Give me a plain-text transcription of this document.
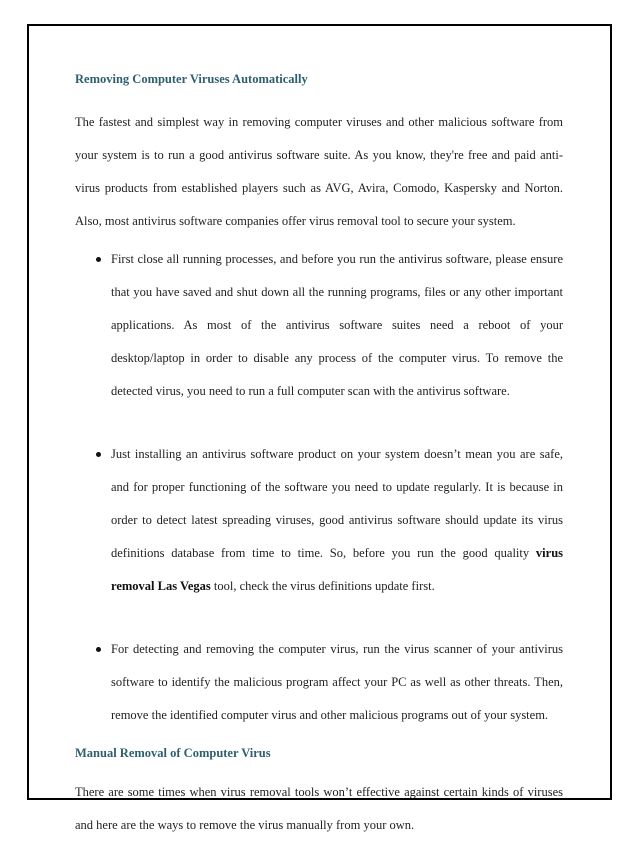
Removing Computer Viruses Automatically

The fastest and simplest way in removing computer viruses and other malicious software from
your system is to run a good antivirus software suite. As you know, they're free and paid anti-
virus products from established players such as AVG, Avira, Comodo, Kaspersky and Norton.
Also, most antivirus software companies offer virus removal tool to secure your system.
First close all running processes, and before you run the antivirus software, please ensure
that you have saved and shut down all the running programs, files or any other important
applications. As most of the antivirus software suites need a reboot of your
desktop/laptop in order to disable any process of the computer virus. To remove the
detected virus, you need to run a full computer scan with the antivirus software.
Just installing an antivirus software product on your system doesn’t mean you are safe,
and for proper functioning of the software you need to update regularly. It is because in
order to detect latest spreading viruses, good antivirus software should update its virus
definitions database from time to time. So, before you run the good quality virus
removal Las Vegas tool, check the virus definitions update first.
For detecting and removing the computer virus, run the virus scanner of your antivirus
software to identify the malicious program affect your PC as well as other threats. Then,
remove the identified computer virus and other malicious programs out of your system.

Manual Removal of Computer Virus

There are some times when virus removal tools won’t effective against certain kinds of viruses
and here are the ways to remove the virus manually from your own.
